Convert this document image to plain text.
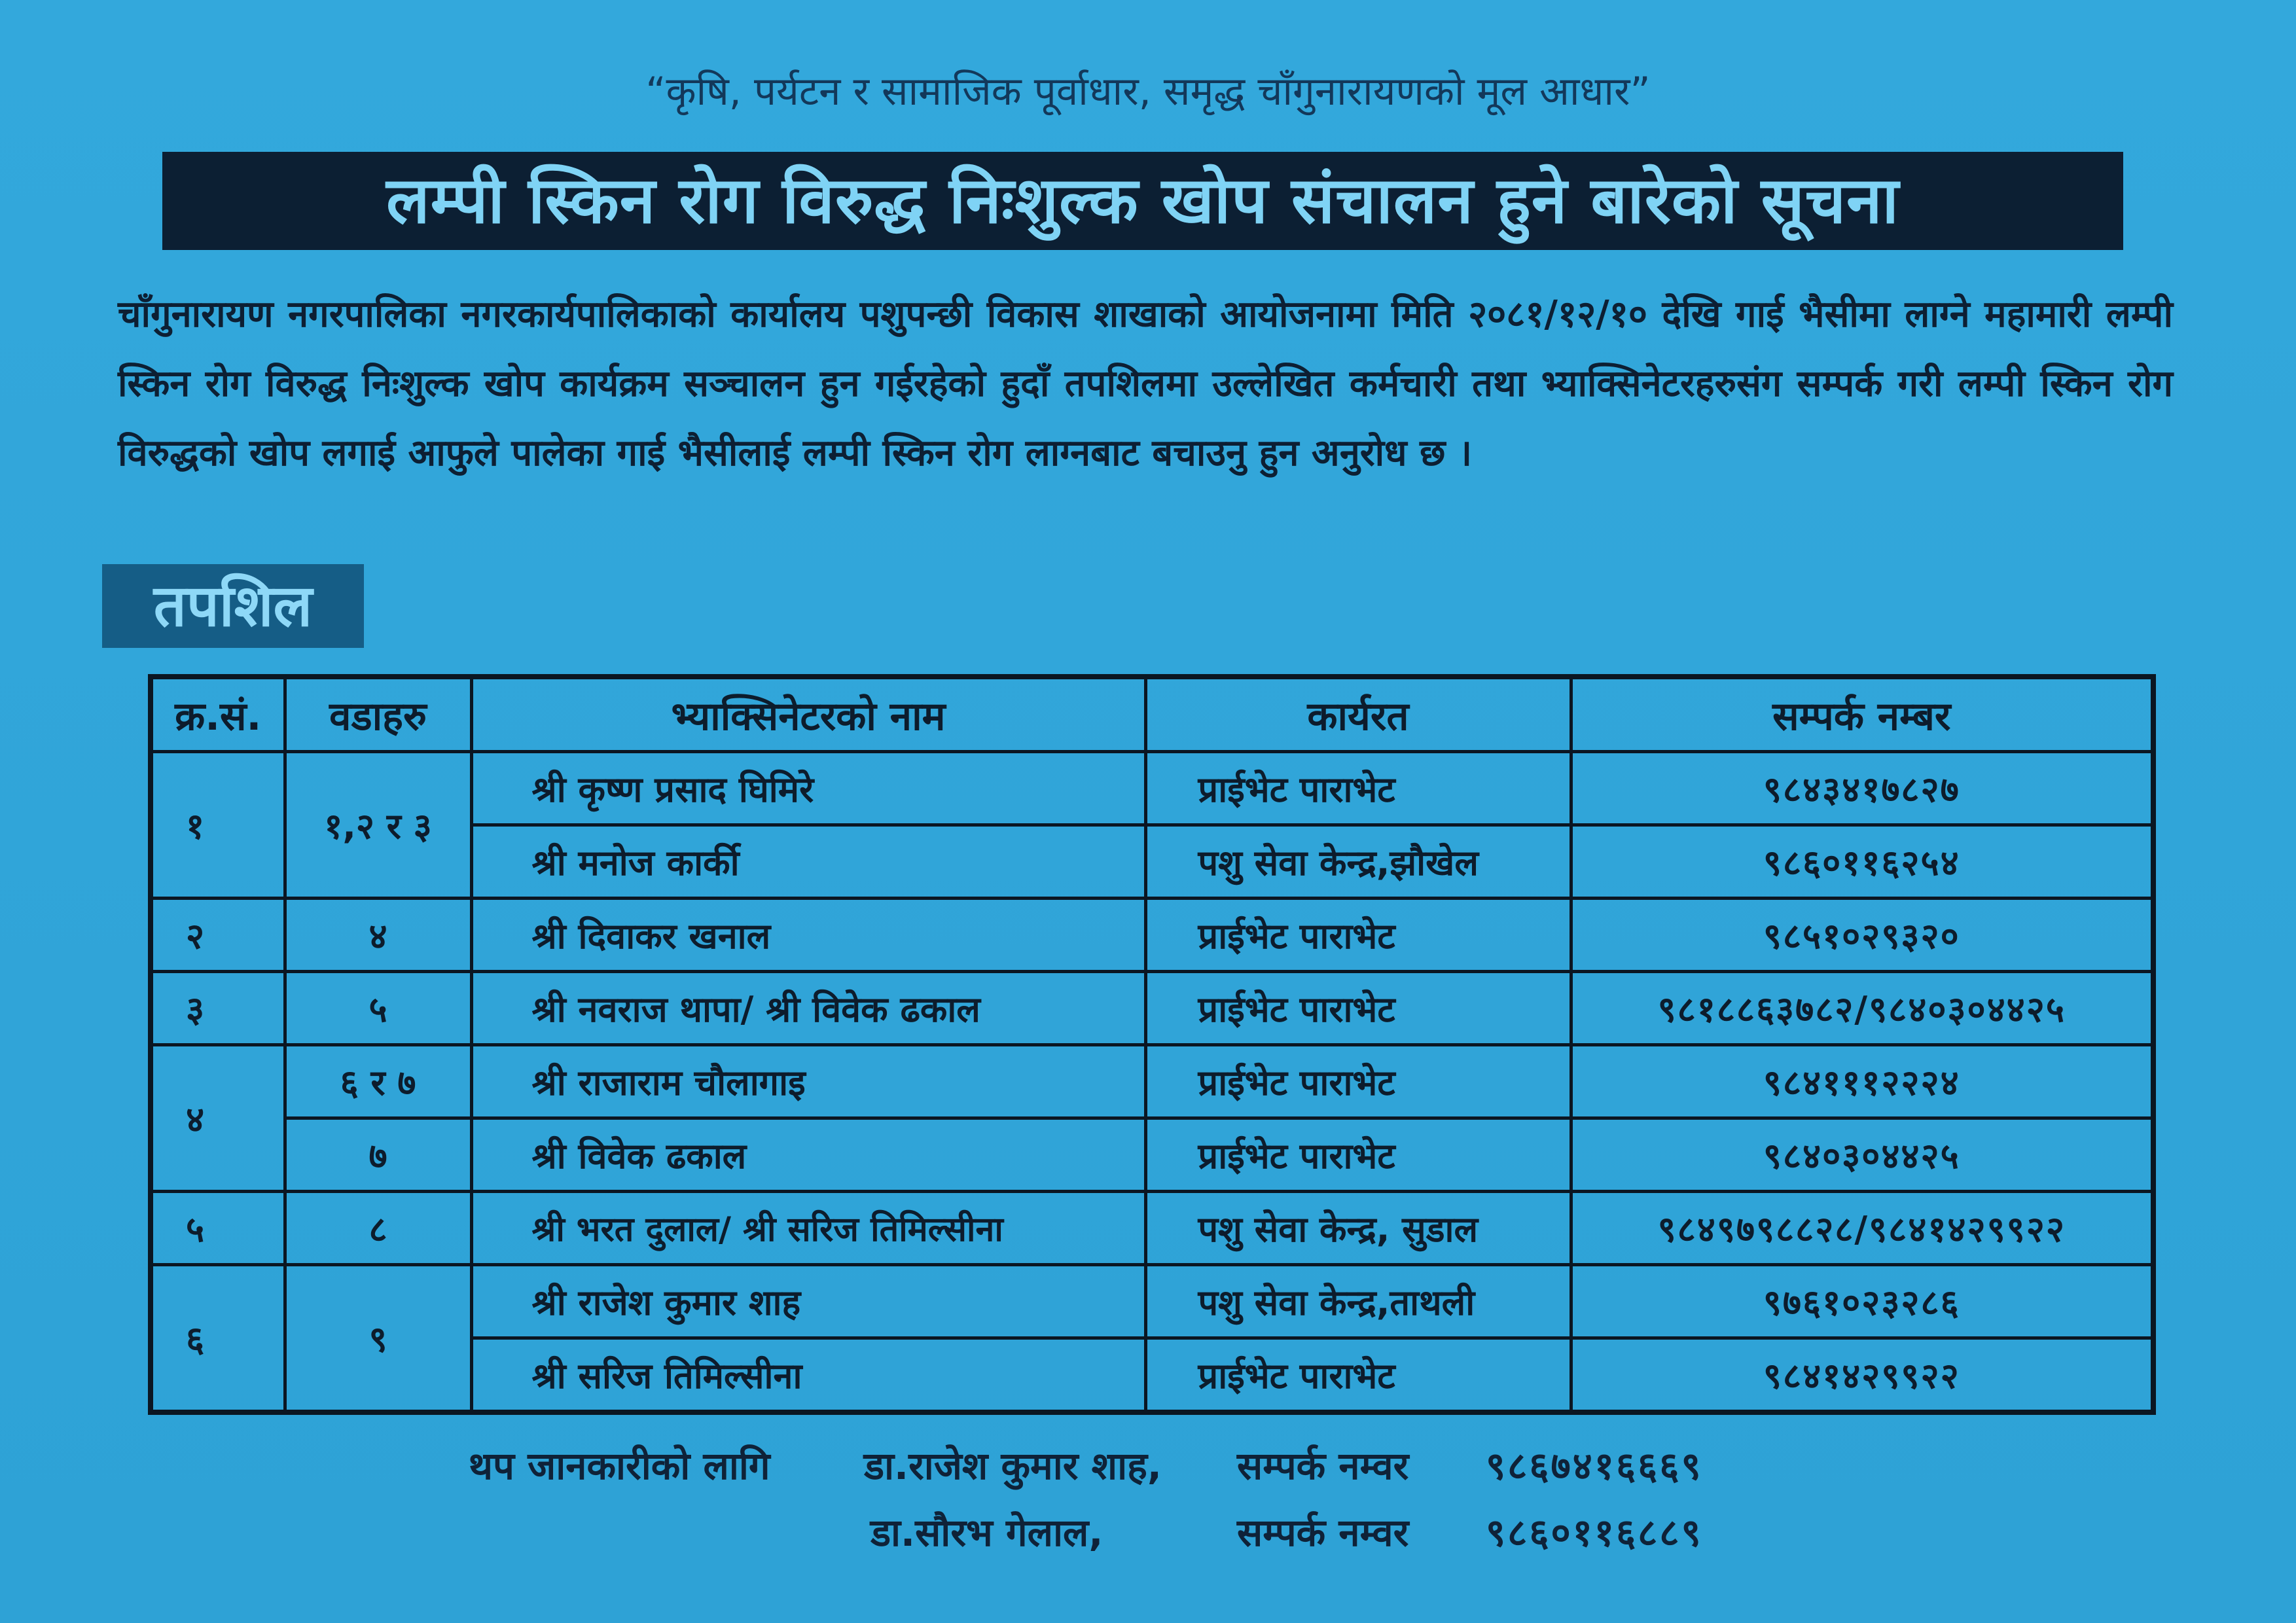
“कृषि, पर्यटन र सामाजिक पूर्वाधार, समृद्ध चाँगुनारायणको मूल आधार”
लम्पी स्किन रोग विरुद्ध निःशुल्क खोप संचालन हुने बारेको सूचना
चाँगुनारायण नगरपालिका नगरकार्यपालिकाको कार्यालय पशुपन्छी विकास शाखाको आयोजनामा मिति २०८१/१२/१० देखि गाई भैसीमा लाग्ने महामारी लम्पी स्किन रोग विरुद्ध निःशुल्क खोप कार्यक्रम सञ्चालन हुन गईरहेको हुदाँ तपशिलमा उल्लेखित कर्मचारी तथा भ्याक्सिनेटरहरुसंग सम्पर्क गरी लम्पी स्किन रोग विरुद्धको खोप लगाई आफुले पालेका गाई भैसीलाई लम्पी स्किन रोग लाग्नबाट बचाउनु हुन अनुरोध छ ।
तपशिल
क्र.सं.	वडाहरु	भ्याक्सिनेटरको नाम	कार्यरत	सम्पर्क नम्बर
१	१,२ र ३	श्री कृष्ण प्रसाद घिमिरे	प्राईभेट पाराभेट	९८४३४१७८२७
		श्री मनोज कार्की	पशु सेवा केन्द्र,झौखेल	९८६०११६२५४
२	४	श्री दिवाकर खनाल	प्राईभेट पाराभेट	९८५१०२९३२०
३	५	श्री नवराज थापा/ श्री विवेक ढकाल	प्राईभेट पाराभेट	९८१८८६३७८२/९८४०३०४४२५
४	६ र ७	श्री राजाराम चौलागाइ	प्राईभेट पाराभेट	९८४१११२२२४
	७	श्री विवेक ढकाल	प्राईभेट पाराभेट	९८४०३०४४२५
५	८	श्री भरत दुलाल/ श्री सरिज तिमिल्सीना	पशु सेवा केन्द्र, सुडाल	९८४९७९८८२८/९८४१४२९९२२
६	९	श्री राजेश कुमार शाह	पशु सेवा केन्द्र,ताथली	९७६१०२३२८६
		श्री सरिज तिमिल्सीना	प्राईभेट पाराभेट	९८४१४२९९२२
थप जानकारीको लागि डा.राजेश कुमार शाह, सम्पर्क नम्वर ९८६७४१६६६९
डा.सौरभ गेलाल,	सम्पर्क नम्वर ९८६०११६८८९
